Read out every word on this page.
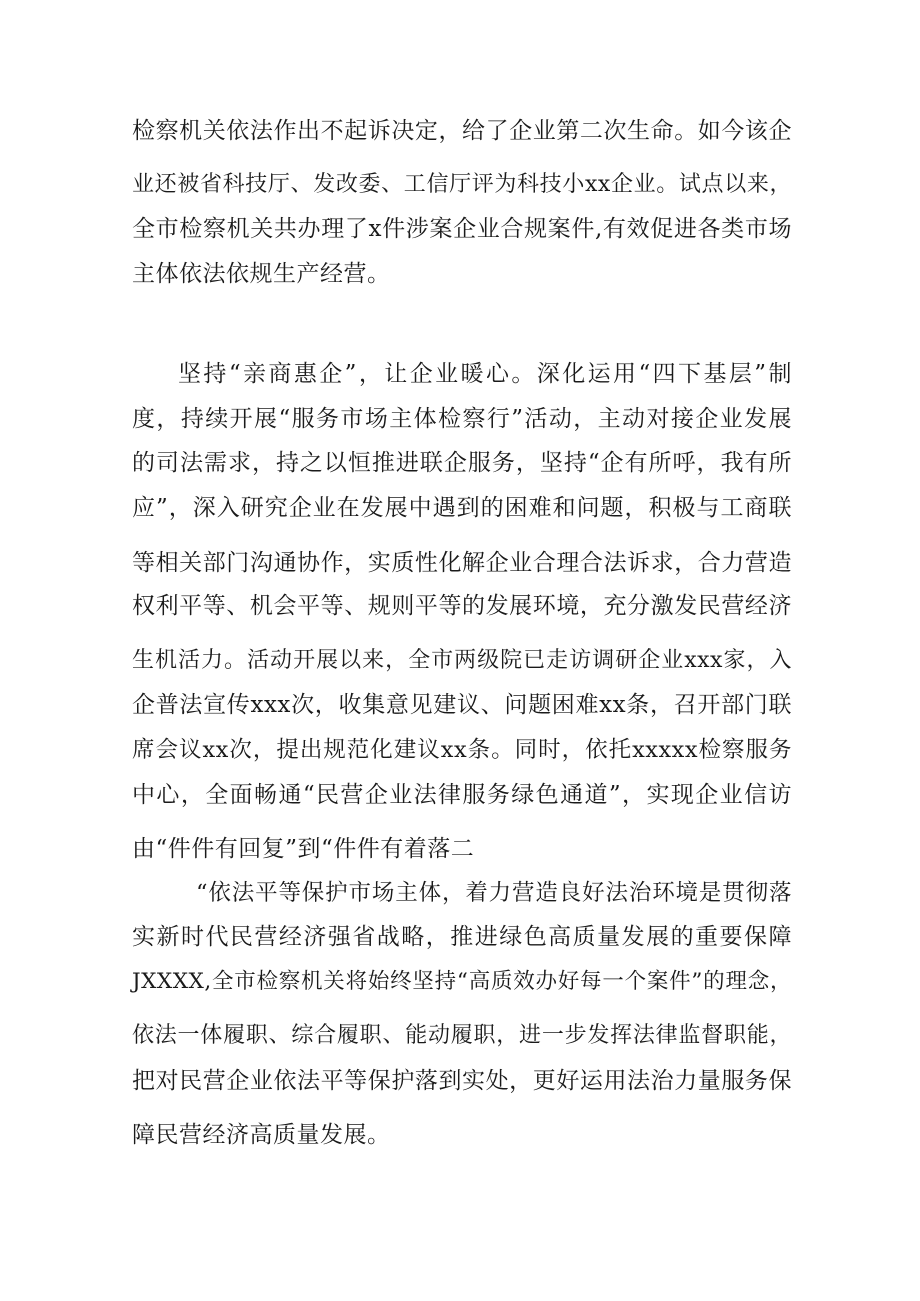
检察机关依法作出不起诉决定，给了企业第二次生命。如今该企
业还被省科技厅、发改委、工信厅评为科技小xx企业。试点以来，
全市检察机关共办理了x件涉案企业合规案件,有效促进各类市场
主体依法依规生产经营。
坚持“亲商惠企”，让企业暖心。深化运用“四下基层”制
度，持续开展“服务市场主体检察行”活动，主动对接企业发展
的司法需求，持之以恒推进联企服务，坚持“企有所呼，我有所
应”，深入研究企业在发展中遇到的困难和问题，积极与工商联
等相关部门沟通协作，实质性化解企业合理合法诉求，合力营造
权利平等、机会平等、规则平等的发展环境，充分激发民营经济
生机活力。活动开展以来，全市两级院已走访调研企业xxx家，入
企普法宣传xxx次，收集意见建议、问题困难xx条，召开部门联
席会议xx次，提出规范化建议xx条。同时，依托xxxxx检察服务
中心，全面畅通“民营企业法律服务绿色通道”，实现企业信访
由“件件有回复”到“件件有着落二
“依法平等保护市场主体，着力营造良好法治环境是贯彻落
实新时代民营经济强省战略，推进绿色高质量发展的重要保障
JXXXX,全市检察机关将始终坚持“高质效办好每一个案件”的理念，
依法一体履职、综合履职、能动履职，进一步发挥法律监督职能，
把对民营企业依法平等保护落到实处，更好运用法治力量服务保
障民营经济高质量发展。
